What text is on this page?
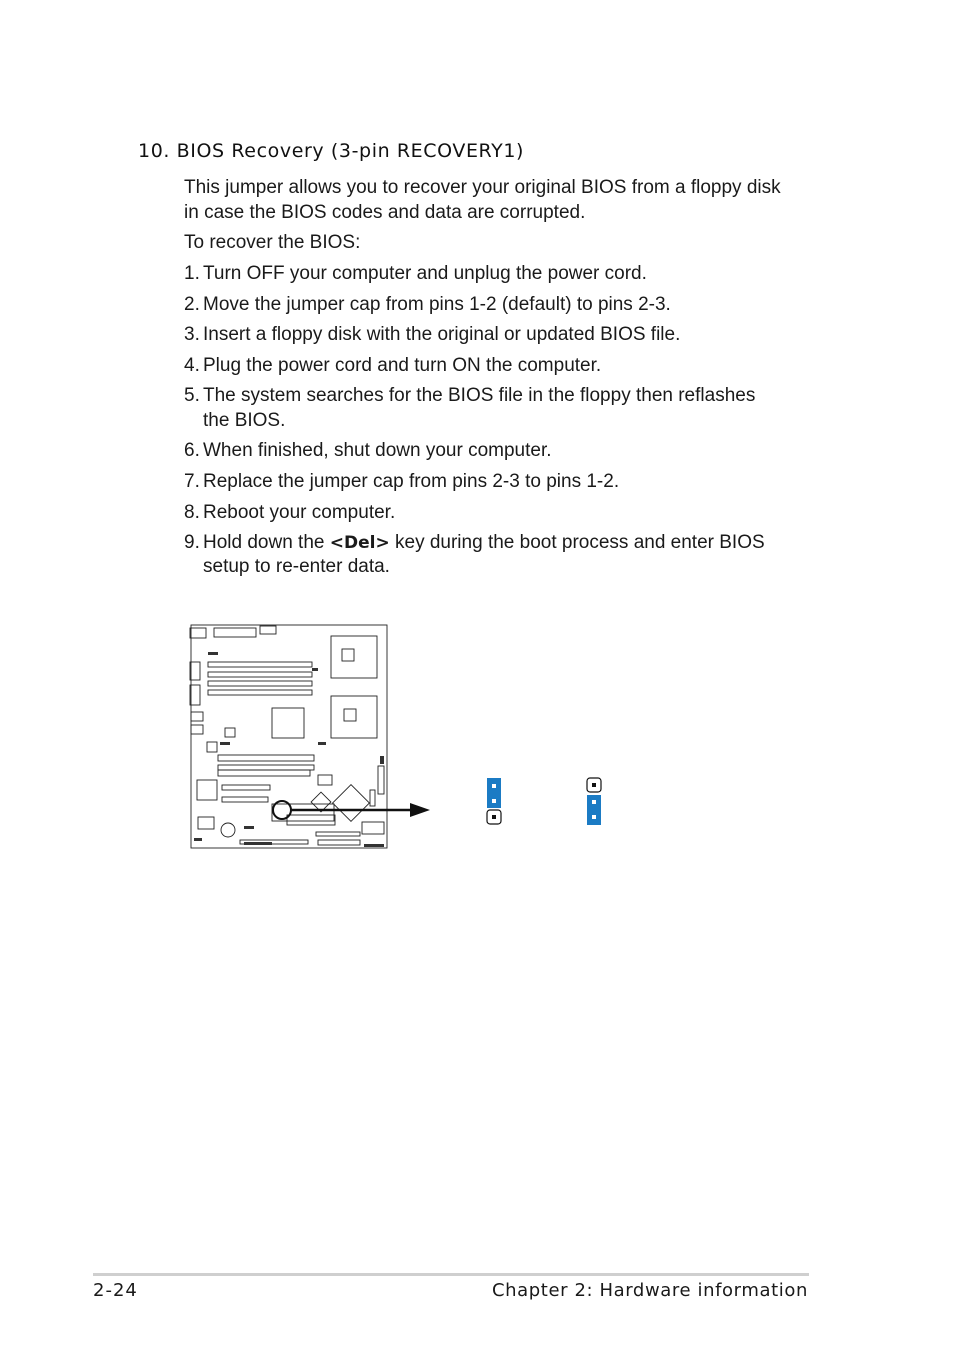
10. BIOS Recovery (3-pin RECOVERY1)
This jumper allows you to recover your original BIOS from a floppy disk
in case the BIOS codes and data are corrupted.
To recover the BIOS:
1. Turn OFF your computer and unplug the power cord.
2. Move the jumper cap from pins 1-2 (default) to pins 2-3.
3. Insert a floppy disk with the original or updated BIOS file.
4. Plug the power cord and turn ON the computer.
5. The system searches for the BIOS file in the floppy then reflashes
the BIOS.
6. When finished, shut down your computer.
7. Replace the jumper cap from pins 2-3 to pins 1-2.
8. Reboot your computer.
9. Hold down the <Del> key during the boot process and enter BIOS
setup to re-enter data.
2-24	Chapter 2: Hardware information
